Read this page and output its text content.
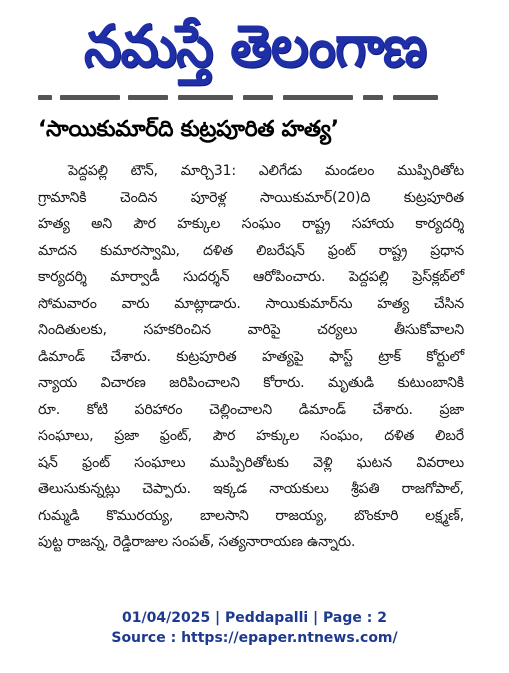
నమస్తే తెలంగాణ
‘సాయికుమార్‌ది కుట్రపూరిత హత్య’
పెద్దపల్లి టౌన్, మార్చి31: ఎలిగేడు మండలం ముప్పిరితోట
గ్రామానికి చెందిన పూరెళ్ల సాయికుమార్(20)ది కుట్రపూరిత
హత్య అని పౌర హక్కుల సంఘం రాష్ట్ర సహాయ కార్యదర్శి
మాదన కుమారస్వామి, దళిత లిబరేషన్ ఫ్రంట్ రాష్ట్ర ప్రధాన
కార్యదర్శి మార్వాడీ సుదర్శన్ ఆరోపించారు. పెద్దపల్లి ప్రెస్‌క్లబ్‌లో
సోమవారం వారు మాట్లాడారు. సాయికుమార్‌ను హత్య చేసిన
నిందితులకు, సహకరించిన వారిపై చర్యలు తీసుకోవాలని
డిమాండ్ చేశారు. కుట్రపూరిత హత్యపై ఫాస్ట్ ట్రాక్ కోర్టులో
న్యాయ విచారణ జరిపించాలని కోరారు. మృతుడి కుటుంబానికి
రూ. కోటి పరిహారం చెల్లించాలని డిమాండ్ చేశారు. ప్రజా
సంఘాలు, ప్రజా ఫ్రంట్, పౌర హక్కుల సంఘం, దళిత లిబరే
షన్ ఫ్రంట్ సంఘాలు ముప్పిరితోటకు వెళ్లి ఘటన వివరాలు
తెలుసుకున్నట్లు చెప్పారు. ఇక్కడ నాయకులు శ్రీపతి రాజగోపాల్,
గుమ్మడి కొమురయ్య, బాలసాని రాజయ్య, బొంకూరి లక్ష్మణ్,
పుట్ట రాజన్న, రెడ్డిరాజుల సంపత్, సత్యనారాయణ ఉన్నారు.
01/04/2025 | Peddapalli | Page : 2
Source : https://epaper.ntnews.com/
